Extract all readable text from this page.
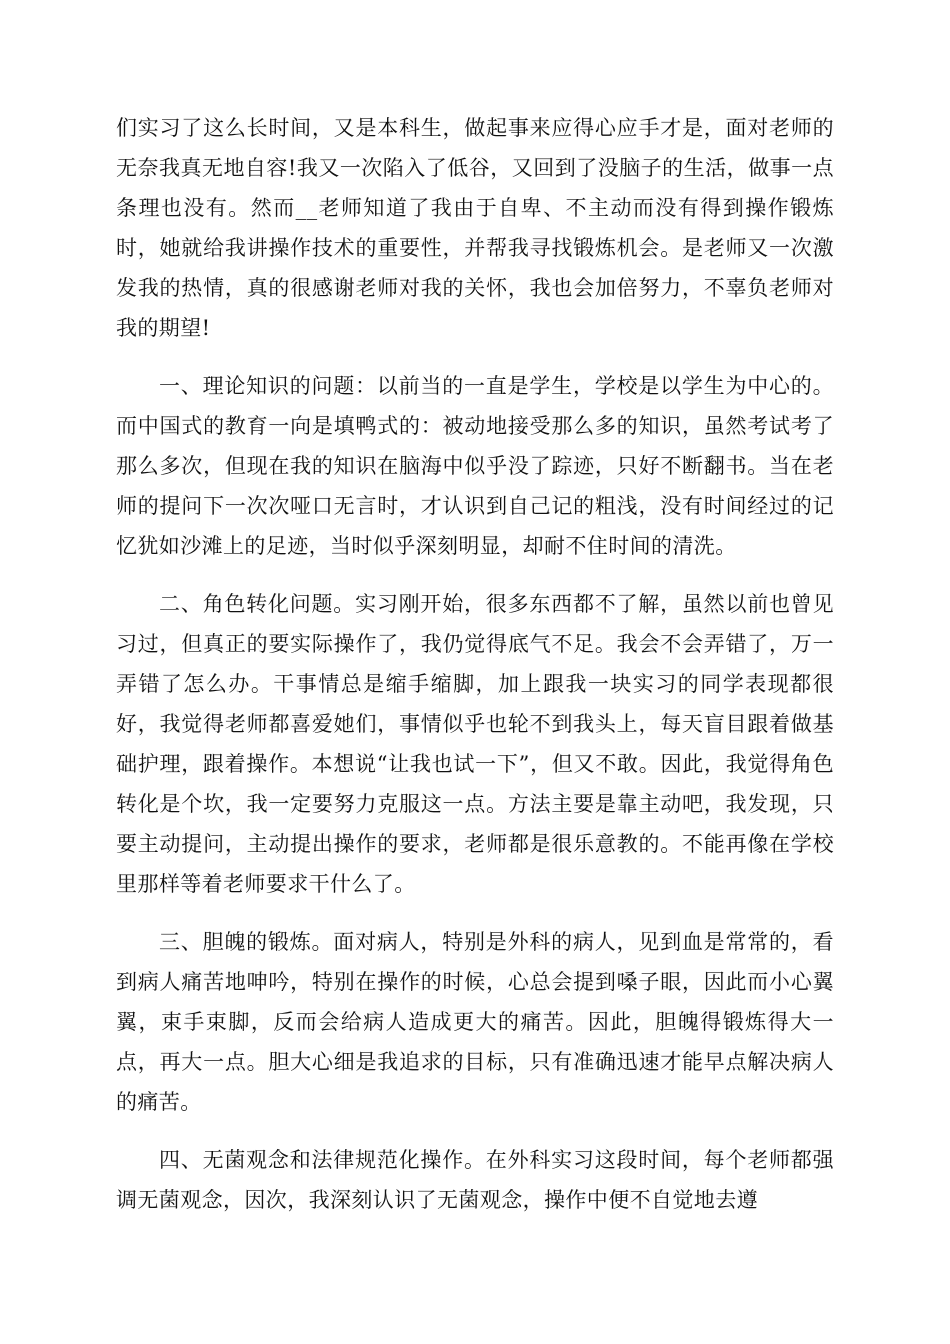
们实习了这么长时间，又是本科生，做起事来应得心应手才是，面对老师的无奈我真无地自容!我又一次陷入了低谷，又回到了没脑子的生活，做事一点条理也没有。然而__老师知道了我由于自卑、不主动而没有得到操作锻炼时，她就给我讲操作技术的重要性，并帮我寻找锻炼机会。是老师又一次激发我的热情，真的很感谢老师对我的关怀，我也会加倍努力，不辜负老师对我的期望!

一、理论知识的问题：以前当的一直是学生，学校是以学生为中心的。而中国式的教育一向是填鸭式的：被动地接受那么多的知识，虽然考试考了那么多次，但现在我的知识在脑海中似乎没了踪迹，只好不断翻书。当在老师的提问下一次次哑口无言时，才认识到自己记的粗浅，没有时间经过的记忆犹如沙滩上的足迹，当时似乎深刻明显，却耐不住时间的清洗。

二、角色转化问题。实习刚开始，很多东西都不了解，虽然以前也曾见习过，但真正的要实际操作了，我仍觉得底气不足。我会不会弄错了，万一弄错了怎么办。干事情总是缩手缩脚，加上跟我一块实习的同学表现都很好，我觉得老师都喜爱她们，事情似乎也轮不到我头上，每天盲目跟着做基础护理，跟着操作。本想说“让我也试一下”，但又不敢。因此，我觉得角色转化是个坎，我一定要努力克服这一点。方法主要是靠主动吧，我发现，只要主动提问，主动提出操作的要求，老师都是很乐意教的。不能再像在学校里那样等着老师要求干什么了。

三、胆魄的锻炼。面对病人，特别是外科的病人，见到血是常常的，看到病人痛苦地呻吟，特别在操作的时候，心总会提到嗓子眼，因此而小心翼翼，束手束脚，反而会给病人造成更大的痛苦。因此，胆魄得锻炼得大一点，再大一点。胆大心细是我追求的目标，只有准确迅速才能早点解决病人的痛苦。

四、无菌观念和法律规范化操作。在外科实习这段时间，每个老师都强调无菌观念，因次，我深刻认识了无菌观念，操作中便不自觉地去遵
